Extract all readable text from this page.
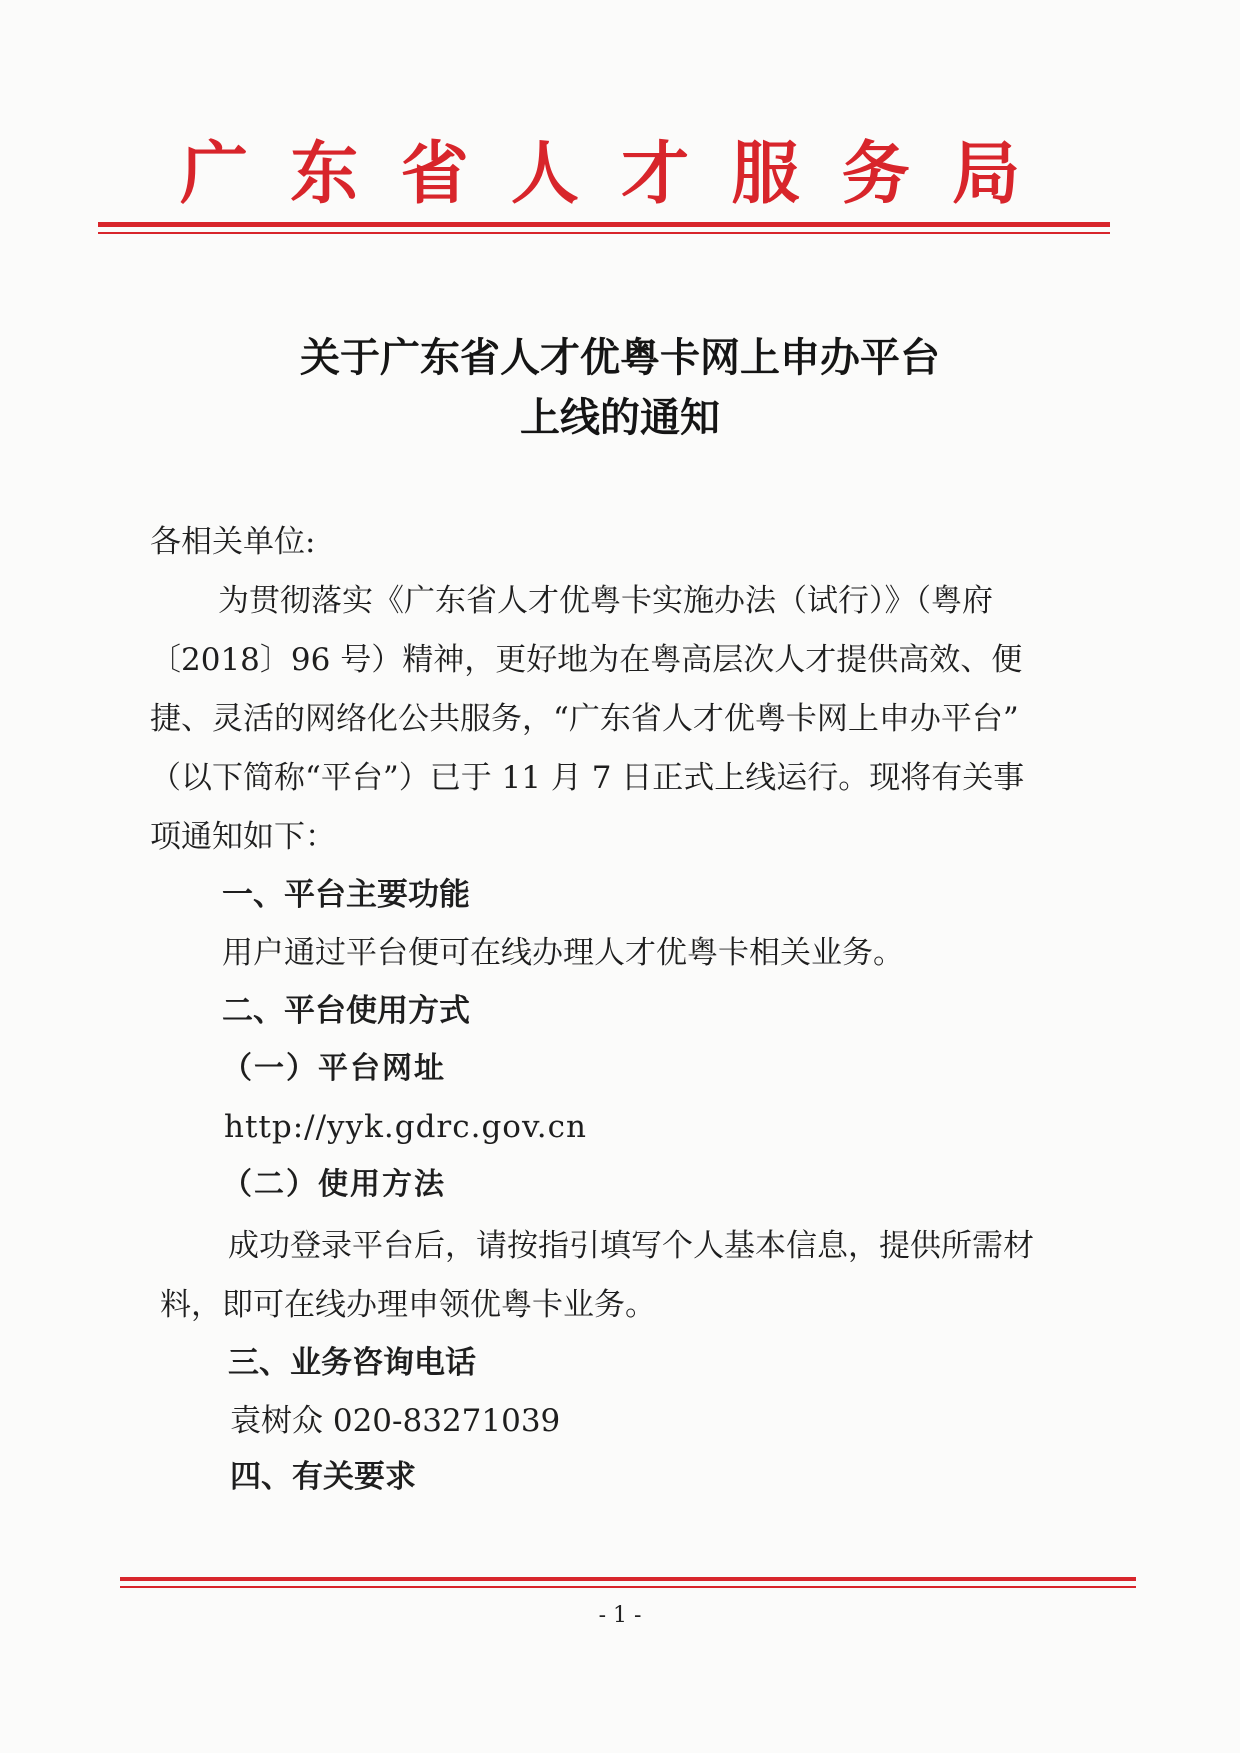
广 东 省 人 才 服 务 局
关于广东省人才优粤卡网上申办平台
上线的通知

各相关单位:

为贯彻落实《广东省人才优粤卡实施办法（试行）》（粤府

〔2018〕96 号）精神，更好地为在粤高层次人才提供高效、便

捷、灵活的网络化公共服务，“广东省人才优粤卡网上申办平台”

（以下简称“平台”）已于 11 月 7 日正式上线运行。现将有关事

项通知如下：

一、平台主要功能

用户通过平台便可在线办理人才优粤卡相关业务。

二、平台使用方式

（一）平台网址

http://yyk.gdrc.gov.cn

（二）使用方法

成功登录平台后，请按指引填写个人基本信息，提供所需材

料，即可在线办理申领优粤卡业务。

三、业务咨询电话

袁树众 020-83271039

四、有关要求

- 1 -
